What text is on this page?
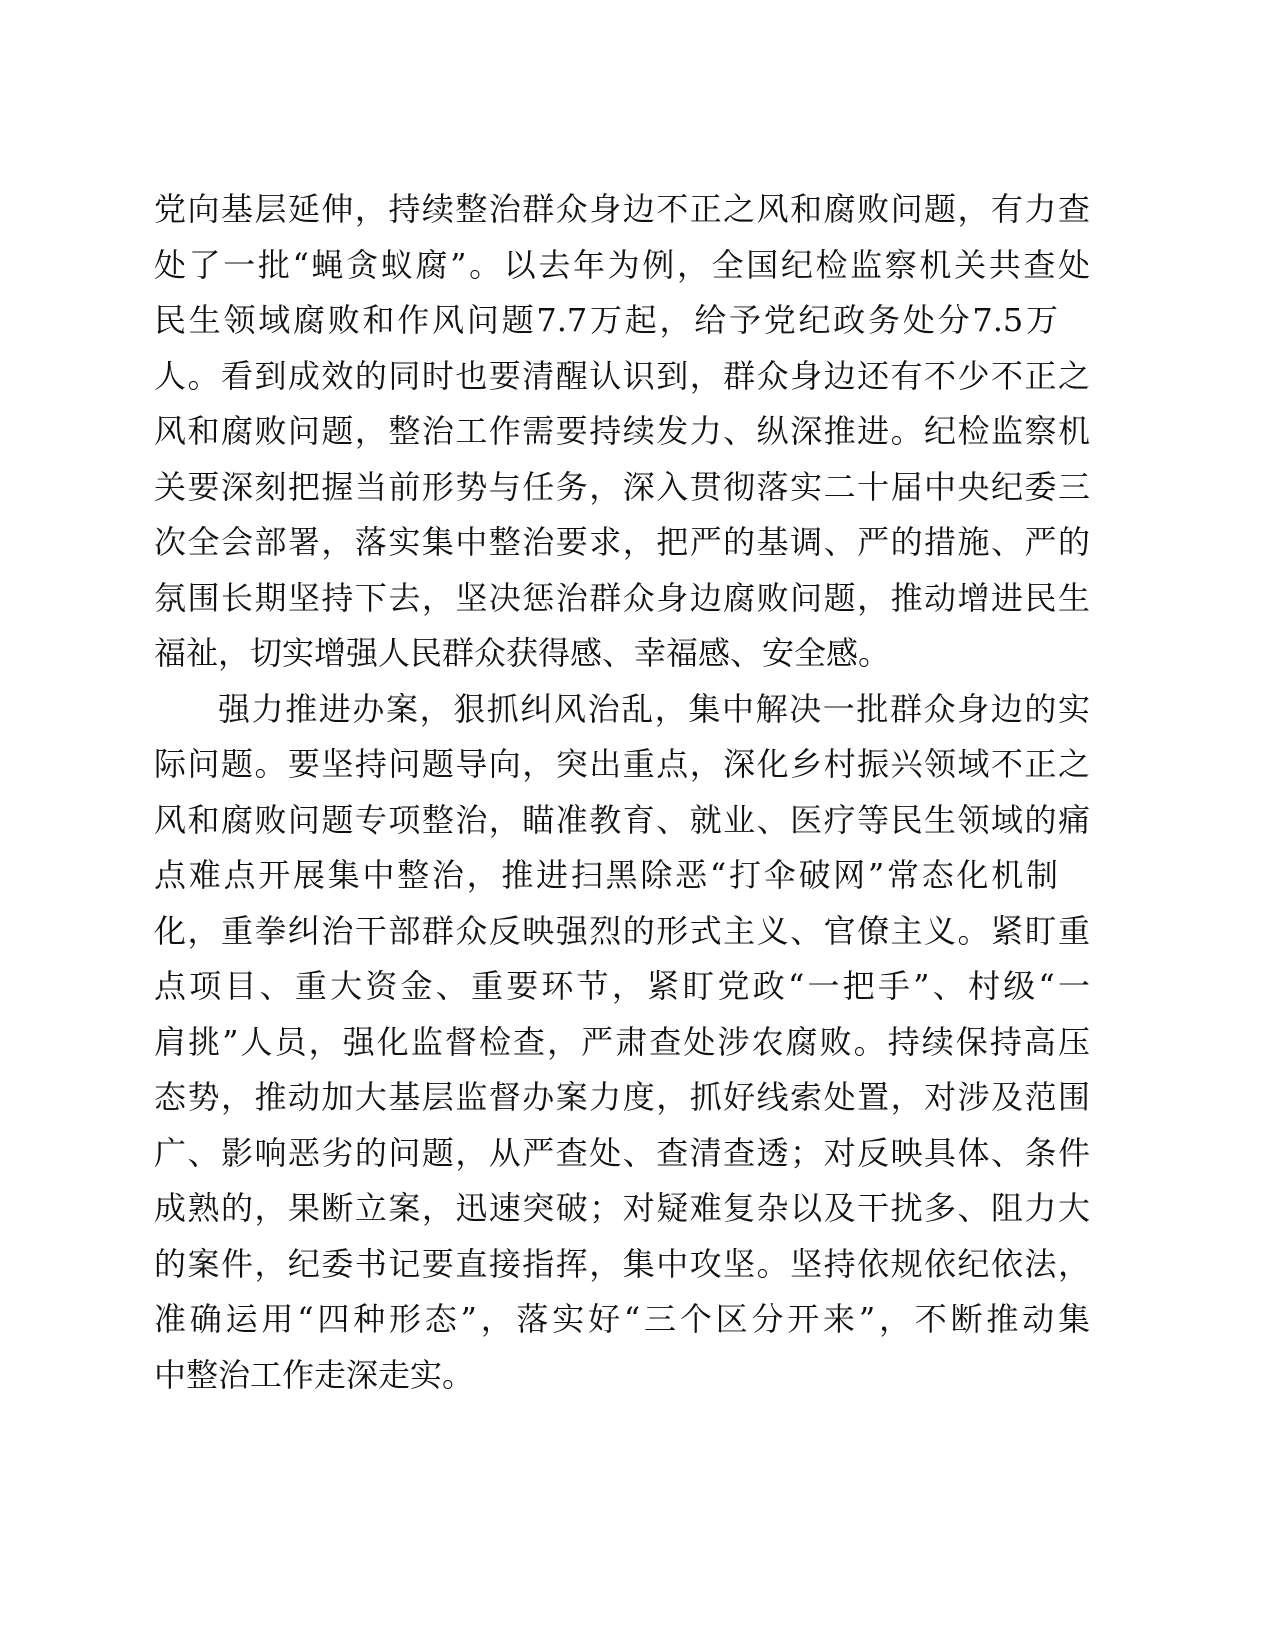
党向基层延伸，持续整治群众身边不正之风和腐败问题，有力查
处了一批“蝇贪蚁腐”。以去年为例，全国纪检监察机关共查处
民生领域腐败和作风问题7.7万起，给予党纪政务处分7.5万
人。看到成效的同时也要清醒认识到，群众身边还有不少不正之
风和腐败问题，整治工作需要持续发力、纵深推进。纪检监察机
关要深刻把握当前形势与任务，深入贯彻落实二十届中央纪委三
次全会部署，落实集中整治要求，把严的基调、严的措施、严的
氛围长期坚持下去，坚决惩治群众身边腐败问题，推动增进民生
福祉，切实增强人民群众获得感、幸福感、安全感。
强力推进办案，狠抓纠风治乱，集中解决一批群众身边的实
际问题。要坚持问题导向，突出重点，深化乡村振兴领域不正之
风和腐败问题专项整治，瞄准教育、就业、医疗等民生领域的痛
点难点开展集中整治，推进扫黑除恶“打伞破网”常态化机制
化，重拳纠治干部群众反映强烈的形式主义、官僚主义。紧盯重
点项目、重大资金、重要环节，紧盯党政“一把手”、村级“一
肩挑”人员，强化监督检查，严肃查处涉农腐败。持续保持高压
态势，推动加大基层监督办案力度，抓好线索处置，对涉及范围
广、影响恶劣的问题，从严查处、查清查透；对反映具体、条件
成熟的，果断立案，迅速突破；对疑难复杂以及干扰多、阻力大
的案件，纪委书记要直接指挥，集中攻坚。坚持依规依纪依法，
准确运用“四种形态”，落实好“三个区分开来”，不断推动集
中整治工作走深走实。
